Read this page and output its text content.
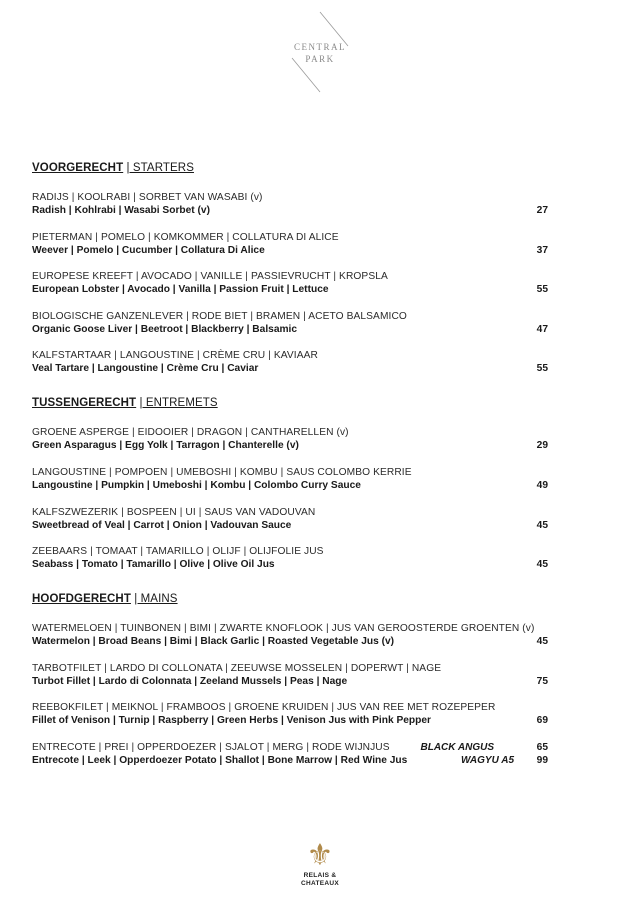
CENTRAL
PARK
VOORGERECHT | STARTERS
RADIJS | KOOLRABI | SORBET VAN WASABI (v)
Radish | Kohlrabi | Wasabi Sorbet (v)	27
PIETERMAN | POMELO | KOMKOMMER | COLLATURA DI ALICE
Weever | Pomelo | Cucumber | Collatura Di Alice	37
EUROPESE KREEFT | AVOCADO | VANILLE | PASSIEVRUCHT | KROPSLA
European Lobster | Avocado | Vanilla | Passion Fruit | Lettuce	55
BIOLOGISCHE GANZENLEVER | RODE BIET | BRAMEN | ACETO BALSAMICO
Organic Goose Liver | Beetroot | Blackberry | Balsamic	47
KALFSTARTAAR | LANGOUSTINE | CRÈME CRU | KAVIAAR
Veal Tartare | Langoustine | Crème Cru | Caviar	55
TUSSENGERECHT | ENTREMETS
GROENE ASPERGE | EIDOOIER | DRAGON | CANTHARELLEN (v)
Green Asparagus | Egg Yolk | Tarragon | Chanterelle (v)	29
LANGOUSTINE | POMPOEN | UMEBOSHI | KOMBU | SAUS COLOMBO KERRIE
Langoustine | Pumpkin | Umeboshi | Kombu | Colombo Curry Sauce	49
KALFSZWEZERIK | BOSPEEN | UI | SAUS VAN VADOUVAN
Sweetbread of Veal | Carrot | Onion | Vadouvan Sauce	45
ZEEBAARS | TOMAAT | TAMARILLO | OLIJF | OLIJFOLIE JUS
Seabass | Tomato | Tamarillo | Olive | Olive Oil Jus	45
HOOFDGERECHT | MAINS
WATERMELOEN | TUINBONEN | BIMI | ZWARTE KNOFLOOK | JUS VAN GEROOSTERDE GROENTEN (v)
Watermelon | Broad Beans | Bimi | Black Garlic | Roasted Vegetable Jus (v)	45
TARBOTFILET | LARDO DI COLLONATA | ZEEUWSE MOSSELEN | DOPERWT | NAGE
Turbot Fillet | Lardo di Colonnata | Zeeland Mussels | Peas | Nage	75
REEBOKFILET | MEIKNOL | FRAMBOOS | GROENE KRUIDEN | JUS VAN REE MET ROZEPEPER
Fillet of Venison | Turnip | Raspberry | Green Herbs | Venison Jus with Pink Pepper	69
ENTRECOTE | PREI | OPPERDOEZER | SJALOT | MERG | RODE WIJNJUS
Entrecote | Leek | Opperdoezer Potato | Shallot | Bone Marrow | Red Wine Jus
BLACK ANGUS	65
WAGYU A5 99
⚜
RELAIS &
CHATEAUX
